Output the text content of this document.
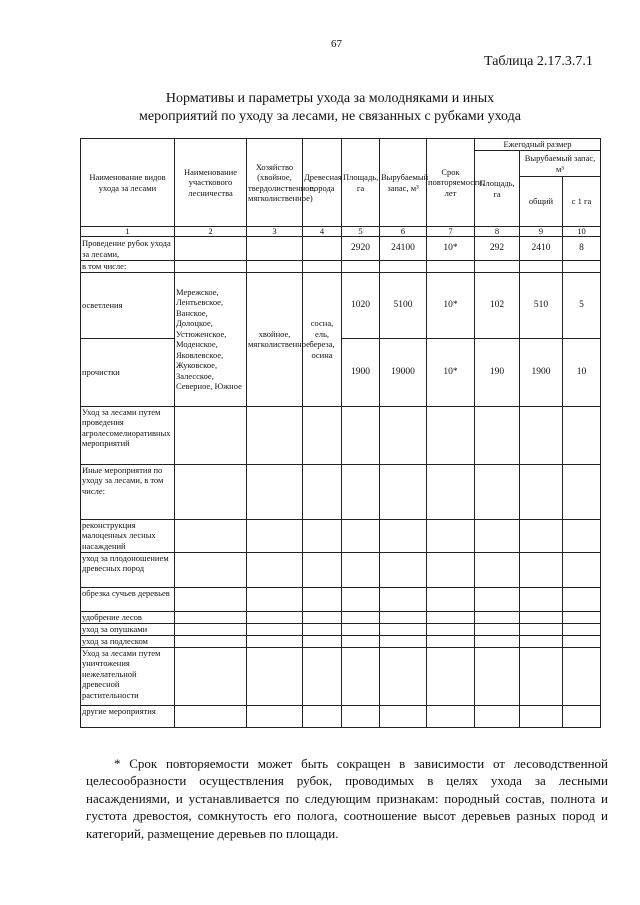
67
Таблица 2.17.3.7.1
Нормативы и параметры ухода за молодняками и иных
мероприятий по уходу за лесами, не связанных с рубками ухода
Наименование видов ухода за лесами	Наименование участкового лесничества	Хозяйство (хвойное, твердолиственное, мягколиственное)	Древесная порода	Площадь, га	Вырубаемый запас, м³	Срок повторяемости, лет	Ежегодный размер		
							Площадь, га	Вырубаемый запас, м³	
								общий	с 1 га
1	2	3	4	5	6	7	8	9	10
Проведение рубок ухода за лесами,				2920	24100	10*	292	2410	8
в том числе:									
осветления	Мережское, Лентьевское, Ванское, Долоцкое, Устюженское, Моденское, Яковлевское, Жуковское, Залесское, Северное, Южное	хвойное, мягколиственное	сосна, ель, береза, осина	1020	5100	10*	102	510	5
прочистки				1900	19000	10*	190	1900	10
Уход за лесами путем проведения агролесомелиоративных мероприятий									
Иные мероприятия по уходу за лесами, в том числе:									
реконструкция малоценных лесных насаждений									
уход за плодоношением древесных пород									
обрезка сучьев деревьев									
удобрение лесов									
уход за опушками									
уход за подлеском									
Уход за лесами путем уничтожения нежелательной древесной растительности									
другие мероприятия									
* Срок повторяемости может быть сокращен в зависимости от лесоводственной целесообразности осуществления рубок, проводимых в целях ухода за лесными насаждениями, и устанавливается по следующим признакам: породный состав, полнота и густота древостоя, сомкнутость его полога, соотношение высот деревьев разных пород и категорий, размещение деревьев по площади.
